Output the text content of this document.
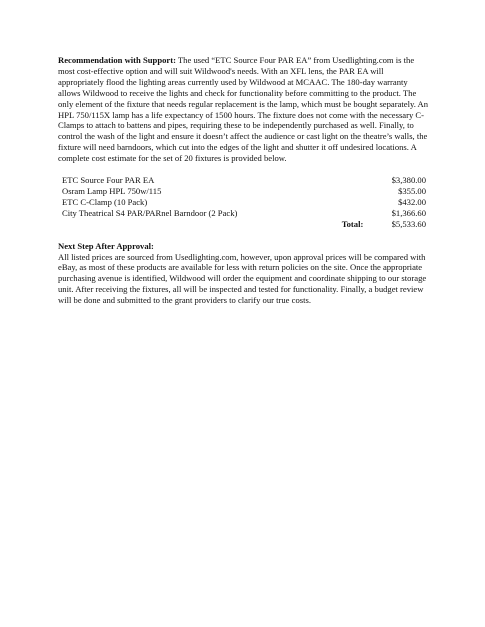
Recommendation with Support: The used “ETC Source Four PAR EA” from Usedlighting.com is the most cost-effective option and will suit Wildwood's needs. With an XFL lens, the PAR EA will appropriately flood the lighting areas currently used by Wildwood at MCAAC. The 180-day warranty allows Wildwood to receive the lights and check for functionality before committing to the product. The only element of the fixture that needs regular replacement is the lamp, which must be bought separately. An HPL 750/115X lamp has a life expectancy of 1500 hours. The fixture does not come with the necessary C-Clamps to attach to battens and pipes, requiring these to be independently purchased as well. Finally, to control the wash of the light and ensure it doesn’t affect the audience or cast light on the theatre’s walls, the fixture will need barndoors, which cut into the edges of the light and shutter it off undesired locations. A complete cost estimate for the set of 20 fixtures is provided below.

ETC Source Four PAR EA	$3,380.00
Osram Lamp HPL 750w/115	$355.00
ETC C-Clamp (10 Pack)	$432.00
City Theatrical S4 PAR/PARnel Barndoor (2 Pack)	$1,366.60
Total:	$5,533.60

Next Step After Approval:

All listed prices are sourced from Usedlighting.com, however, upon approval prices will be compared with eBay, as most of these products are available for less with return policies on the site. Once the appropriate purchasing avenue is identified, Wildwood will order the equipment and coordinate shipping to our storage unit. After receiving the fixtures, all will be inspected and tested for functionality. Finally, a budget review will be done and submitted to the grant providers to clarify our true costs.
